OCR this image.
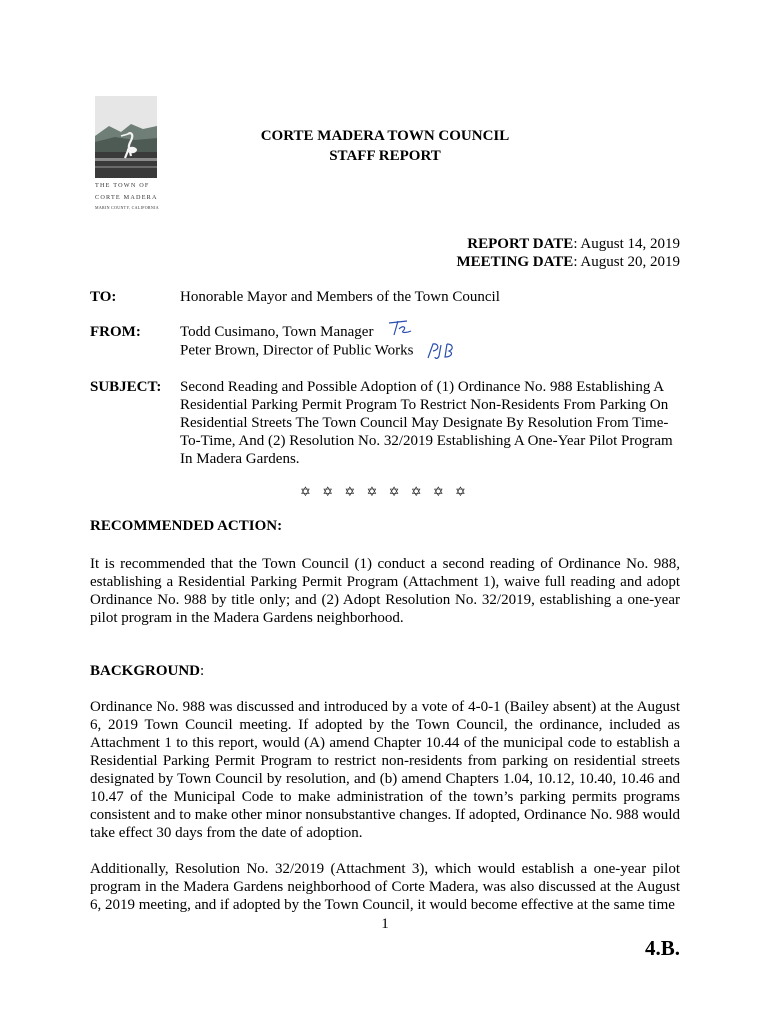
THE TOWN OF
CORTE MADERA
MARIN COUNTY, CALIFORNIA
CORTE MADERA TOWN COUNCIL
STAFF REPORT
REPORT DATE: August 14, 2019
MEETING DATE: August 20, 2019
TO:	Honorable Mayor and Members of the Town Council
FROM:	Todd Cusimano, Town Manager
Peter Brown, Director of Public Works
SUBJECT: Second Reading and Possible Adoption of (1) Ordinance No. 988 Establishing A Residential Parking Permit Program To Restrict Non-Residents From Parking On Residential Streets The Town Council May Designate By Resolution From Time-To-Time, And (2) Resolution No. 32/2019 Establishing A One-Year Pilot Program In Madera Gardens.
✡ ✡ ✡ ✡ ✡ ✡ ✡ ✡
RECOMMENDED ACTION:
It is recommended that the Town Council (1) conduct a second reading of Ordinance No. 988, establishing a Residential Parking Permit Program (Attachment 1), waive full reading and adopt Ordinance No. 988 by title only; and (2) Adopt Resolution No. 32/2019, establishing a one-year pilot program in the Madera Gardens neighborhood.
BACKGROUND:
Ordinance No. 988 was discussed and introduced by a vote of 4-0-1 (Bailey absent) at the August 6, 2019 Town Council meeting. If adopted by the Town Council, the ordinance, included as Attachment 1 to this report, would (A) amend Chapter 10.44 of the municipal code to establish a Residential Parking Permit Program to restrict non-residents from parking on residential streets designated by Town Council by resolution, and (b) amend Chapters 1.04, 10.12, 10.40, 10.46 and 10.47 of the Municipal Code to make administration of the town’s parking permits programs consistent and to make other minor nonsubstantive changes. If adopted, Ordinance No. 988 would take effect 30 days from the date of adoption.
Additionally, Resolution No. 32/2019 (Attachment 3), which would establish a one-year pilot program in the Madera Gardens neighborhood of Corte Madera, was also discussed at the August 6, 2019 meeting, and if adopted by the Town Council, it would become effective at the same time
1
4.B.
